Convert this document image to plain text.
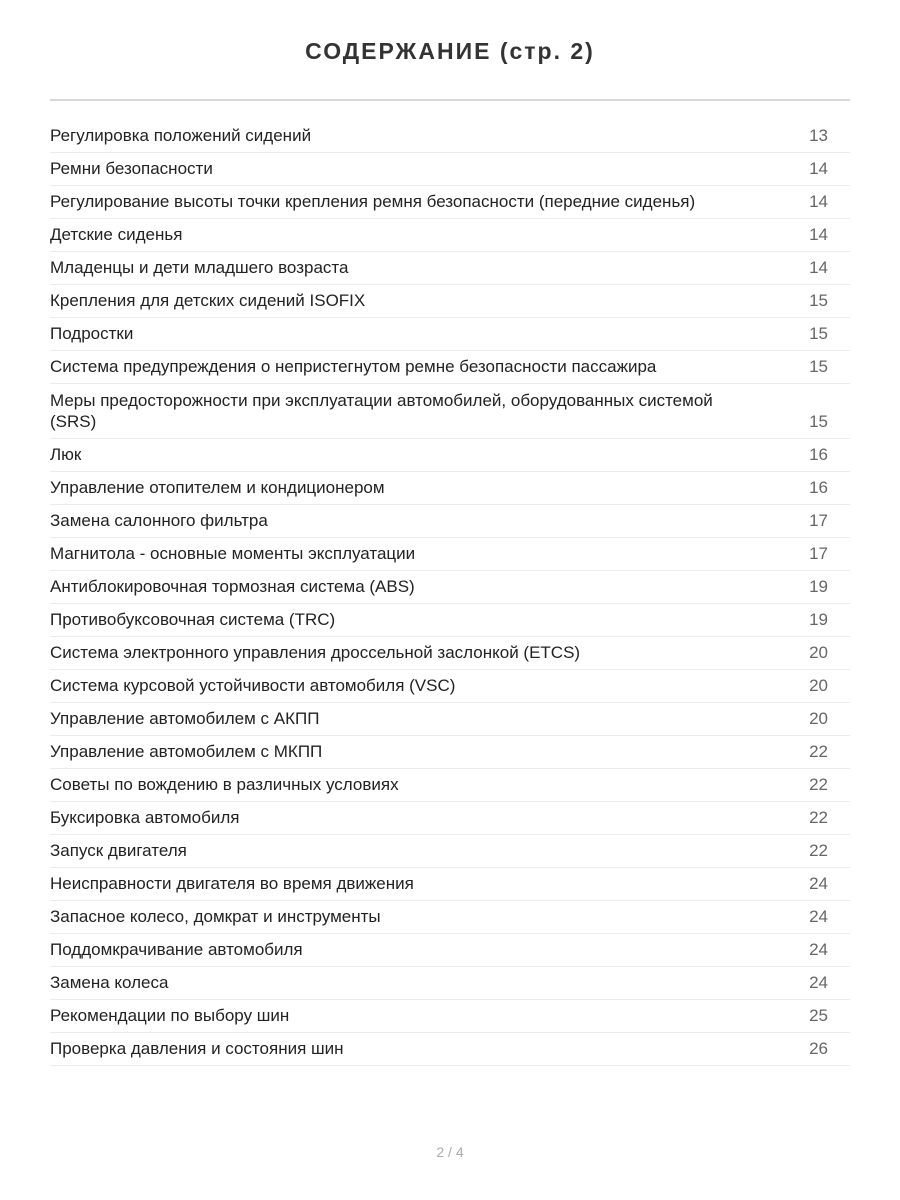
СОДЕРЖАНИЕ (стр. 2)
Регулировка положений сидений	13
Ремни безопасности	14
Регулирование высоты точки крепления ремня безопасности (передние сиденья)	14
Детские сиденья	14
Младенцы и дети младшего возраста	14
Крепления для детских сидений ISOFIX	15
Подростки	15
Система предупреждения о непристегнутом ремне безопасности пассажира	15
Меры предосторожности при эксплуатации автомобилей, оборудованных системой (SRS)	15
Люк	16
Управление отопителем и кондиционером	16
Замена салонного фильтра	17
Магнитола - основные моменты эксплуатации	17
Антиблокировочная тормозная система (ABS)	19
Противобуксовочная система (TRC)	19
Система электронного управления дроссельной заслонкой (ETCS)	20
Система курсовой устойчивости автомобиля (VSC)	20
Управление автомобилем с АКПП	20
Управление автомобилем с МКПП	22
Советы по вождению в различных условиях	22
Буксировка автомобиля	22
Запуск двигателя	22
Неисправности двигателя во время движения	24
Запасное колесо, домкрат и инструменты	24
Поддомкрачивание автомобиля	24
Замена колеса	24
Рекомендации по выбору шин	25
Проверка давления и состояния шин	26
2 / 4
